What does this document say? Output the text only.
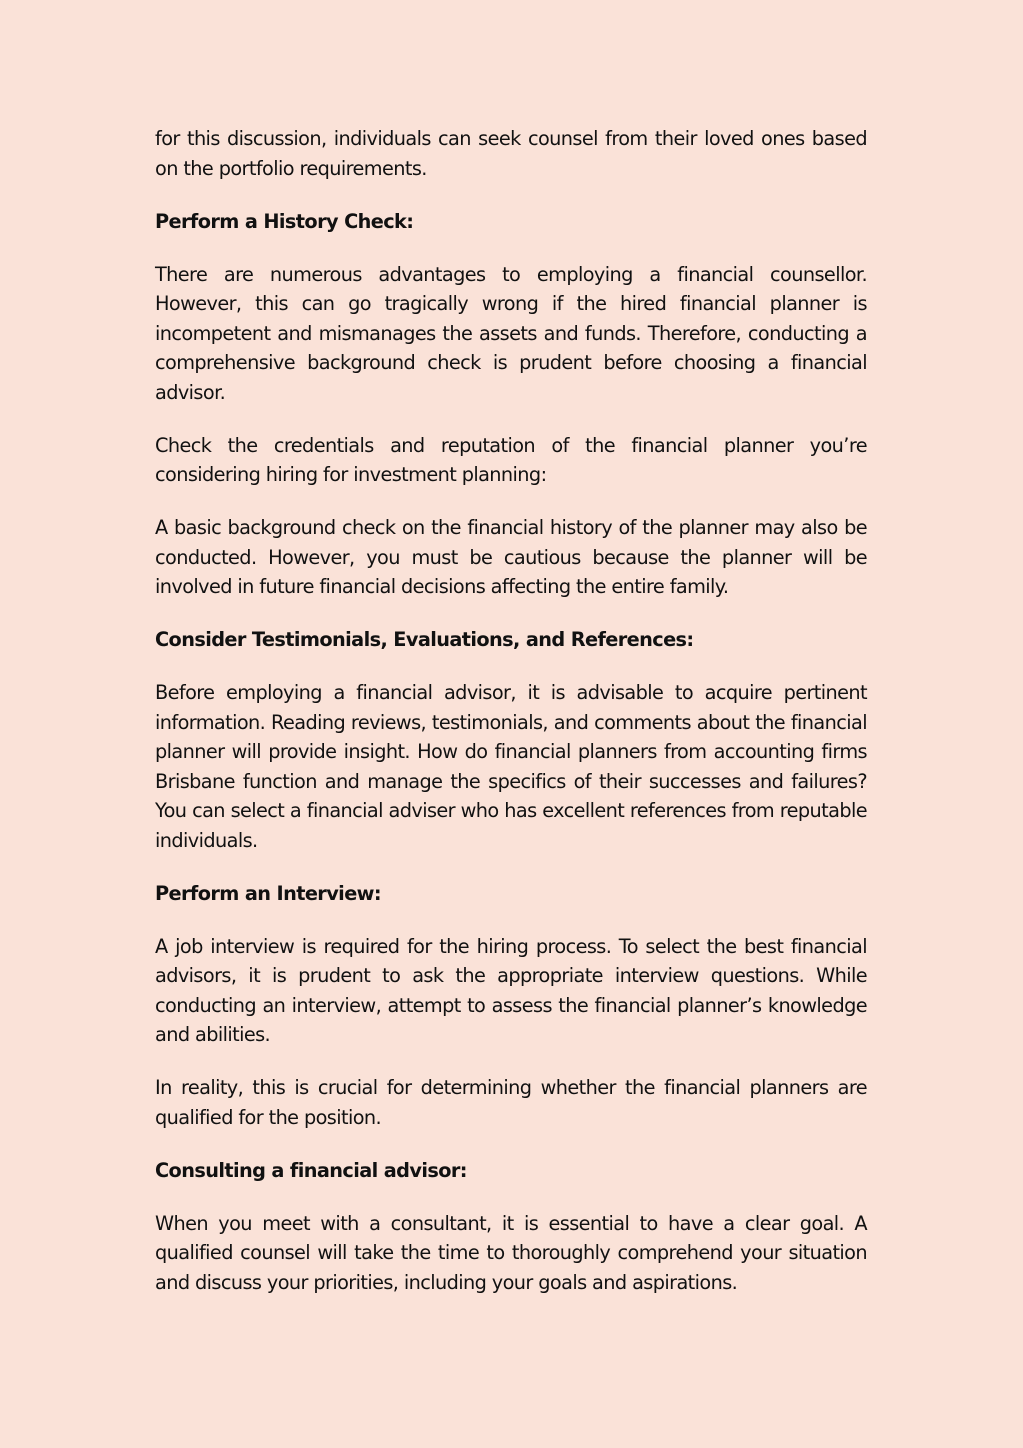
for this discussion, individuals can seek counsel from their loved ones based on the portfolio requirements.

Perform a History Check:

There are numerous advantages to employing a financial counsellor. However, this can go tragically wrong if the hired financial planner is incompetent and mismanages the assets and funds. Therefore, conducting a comprehensive background check is prudent before choosing a financial advisor.

Check the credentials and reputation of the financial planner you’re considering hiring for investment planning:

A basic background check on the financial history of the planner may also be conducted. However, you must be cautious because the planner will be involved in future financial decisions affecting the entire family.

Consider Testimonials, Evaluations, and References:

Before employing a financial advisor, it is advisable to acquire pertinent information. Reading reviews, testimonials, and comments about the financial planner will provide insight. How do financial planners from accounting firms Brisbane function and manage the specifics of their successes and failures? You can select a financial adviser who has excellent references from reputable individuals.

Perform an Interview:

A job interview is required for the hiring process. To select the best financial advisors, it is prudent to ask the appropriate interview questions. While conducting an interview, attempt to assess the financial planner’s knowledge and abilities.

In reality, this is crucial for determining whether the financial planners are qualified for the position.

Consulting a financial advisor:

When you meet with a consultant, it is essential to have a clear goal. A qualified counsel will take the time to thoroughly comprehend your situation and discuss your priorities, including your goals and aspirations.
